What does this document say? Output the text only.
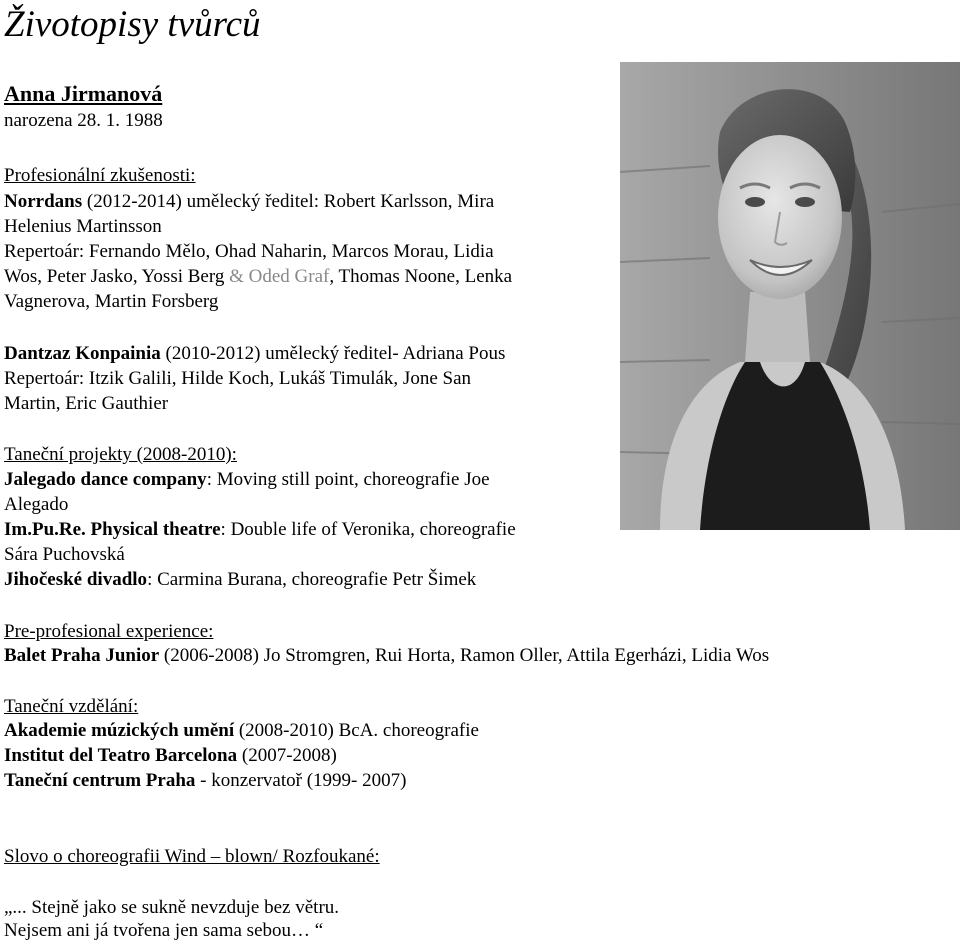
Životopisy tvůrců
Anna Jirmanová
narozena 28. 1. 1988
Profesionální zkušenosti:
Norrdans (2012-2014) umělecký ředitel: Robert Karlsson, Mira
Helenius Martinsson
Repertoár: Fernando Mělo, Ohad Naharin, Marcos Morau, Lidia
Wos, Peter Jasko, Yossi Berg & Oded Graf, Thomas Noone, Lenka
Vagnerova, Martin Forsberg
Dantzaz Konpainia (2010-2012) umělecký ředitel- Adriana Pous
Repertoár: Itzik Galili, Hilde Koch, Lukáš Timulák, Jone San
Martin, Eric Gauthier
Taneční projekty (2008-2010):
Jalegado dance company: Moving still point, choreografie Joe
Alegado
Im.Pu.Re. Physical theatre: Double life of Veronika, choreografie
Sára Puchovská
Jihočeské divadlo: Carmina Burana, choreografie Petr Šimek
Pre-profesional experience:
Balet Praha Junior (2006-2008) Jo Stromgren, Rui Horta, Ramon Oller, Attila Egerházi, Lidia Wos
Taneční vzdělání:
Akademie múzických umění (2008-2010) BcA. choreografie
Institut del Teatro Barcelona (2007-2008)
Taneční centrum Praha - konzervatoř (1999- 2007)
Slovo o choreografii Wind – blown/ Rozfoukané:
„... Stejně jako se sukně nevzduje bez větru.
Nejsem ani já tvořena jen sama sebou… “
